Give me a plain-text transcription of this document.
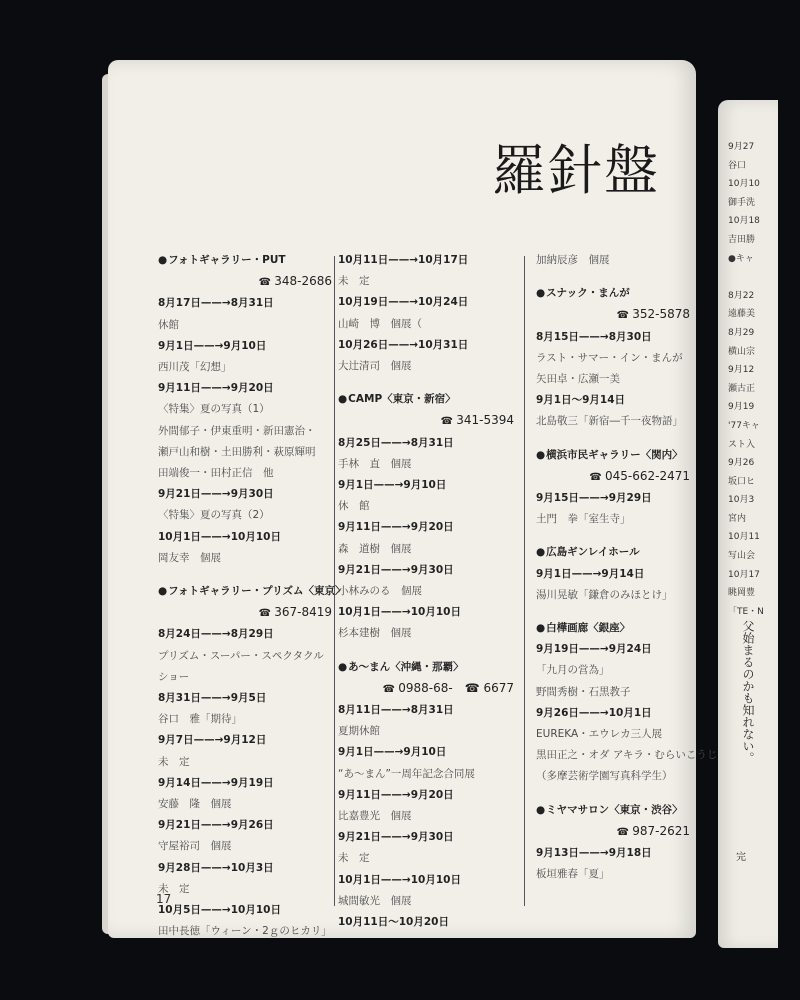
羅針盤
● フォトギャラリー・PUT
☎ 348-2686
8月17日——→8月31日
休館
9月1日——→9月10日
西川茂「幻想」
9月11日——→9月20日
〈特集〉夏の写真（1）
外間郁子・伊東重明・新田憲治・
瀬戸山和樹・土田勝利・萩原輝明
田端俊一・田村正信　他
9月21日——→9月30日
〈特集〉夏の写真（2）
10月1日——→10月10日
岡友幸　個展
● フォトギャラリー・プリズム〈東京〉
☎ 367-8419
8月24日——→8月29日
プリズム・スーパー・スペクタクル
ショー
8月31日——→9月5日
谷口　雅「期待」
9月7日——→9月12日
未　定
9月14日——→9月19日
安藤　隆　個展
9月21日——→9月26日
守屋裕司　個展
9月28日——→10月3日
未　定
10月5日——→10月10日
田中長徳「ウィーン・2ｇのヒカリ」
10月11日——→10月17日
未　定
10月19日——→10月24日
山崎　博　個展（
10月26日——→10月31日
大辻清司　個展
● CAMP〈東京・新宿〉
☎ 341-5394
8月25日——→8月31日
手林　直　個展
9月1日——→9月10日
休　館
9月11日——→9月20日
森　道樹　個展
9月21日——→9月30日
小林みのる　個展
10月1日——→10月10日
杉本建樹　個展
● あ～まん〈沖縄・那覇〉
☎ 0988-68-　☎ 6677
8月11日——→8月31日
夏期休館
9月1日——→9月10日
“あ～まん”一周年記念合同展
9月11日——→9月20日
比嘉豊光　個展
9月21日——→9月30日
未　定
10月1日——→10月10日
城間敏光　個展
10月11日～10月20日
加納辰彦　個展
● スナック・まんが
☎ 352-5878
8月15日——→8月30日
ラスト・サマー・イン・まんが
矢田卓・広瀬一美
9月1日～9月14日
北島敬三「新宿―千一夜物語」
● 横浜市民ギャラリー〈関内〉
☎ 045-662-2471
9月15日——→9月29日
土門　拳「室生寺」
● 広島ギンレイホール
9月1日——→9月14日
湯川晃敏「鎌倉のみほとけ」
● 白樺画廊〈銀座〉
9月19日——→9月24日
「九月の営為」
野間秀樹・石黒教子
9月26日——→10月1日
EUREKA・エウレカ三人展
黒田正之・オダ アキラ・むらいこうじ
（多摩芸術学園写真科学生）
● ミヤマサロン〈東京・渋谷〉
☎ 987-2621
9月13日——→9月18日
板垣雅春「夏」
17
9月27
谷口
10月10
御手洗
10月18
吉田勝
●キャ

8月22
遠藤美
8月29
横山宗
9月12
瀬古正
9月19
'77キャ
スト入
9月26
坂口ヒ
10月3
宮内
10月11
写山会
10月17
眺岡豊
「TE・N
父始まるのかも知れない。
完
